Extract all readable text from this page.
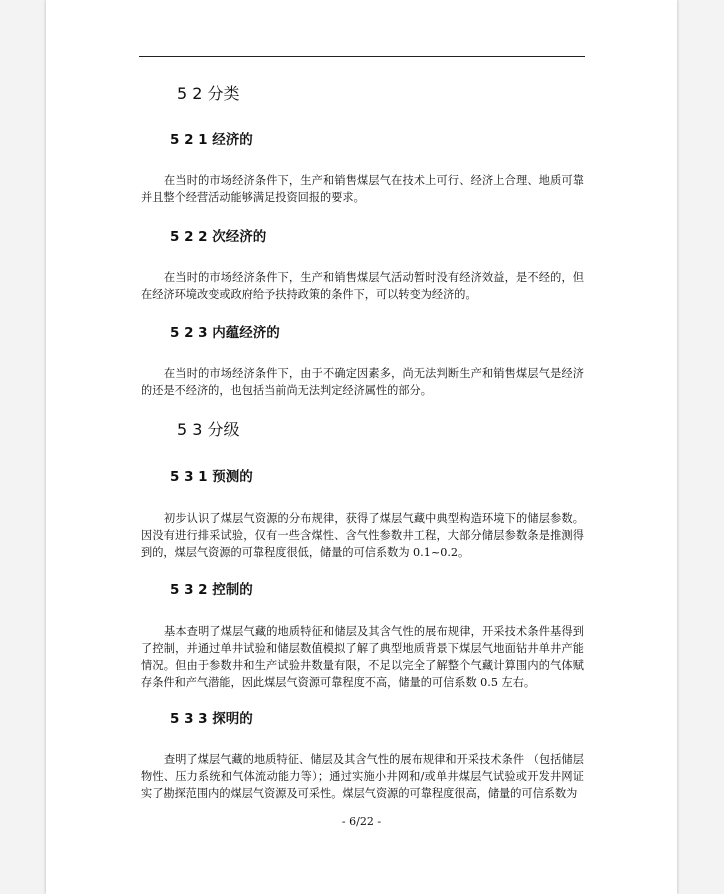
5 2 分类
5 2 1 经济的

在当时的市场经济条件下，生产和销售煤层气在技术上可行、经济上合理、地质可靠并且整个经营活动能够满足投资回报的要求。

5 2 2 次经济的

在当时的市场经济条件下，生产和销售煤层气活动暂时没有经济效益，是不经的，但在经济环境改变或政府给予扶持政策的条件下，可以转变为经济的。

5 2 3 内蕴经济的

在当时的市场经济条件下，由于不确定因素多，尚无法判断生产和销售煤层气是经济的还是不经济的，也包括当前尚无法判定经济属性的部分。

5 3 分级
5 3 1 预测的

初步认识了煤层气资源的分布规律，获得了煤层气藏中典型构造环境下的储层参数。因没有进行排采试验，仅有一些含煤性、含气性参数井工程，大部分储层参数条是推测得到的，煤层气资源的可靠程度很低，储量的可信系数为 0.1~0.2。

5 3 2 控制的

基本查明了煤层气藏的地质特征和储层及其含气性的展布规律，开采技术条件基得到了控制，并通过单井试验和储层数值模拟了解了典型地质背景下煤层气地面钻井单井产能情况。但由于参数井和生产试验井数量有限，不足以完全了解整个气藏计算围内的气体赋存条件和产气潜能，因此煤层气资源可靠程度不高，储量的可信系数 0.5 左右。

5 3 3 探明的

查明了煤层气藏的地质特征、储层及其含气性的展布规律和开采技术条件 （包括储层物性、压力系统和气体流动能力等）；通过实施小井网和/或单井煤层气试验或开发井网证实了勘探范围内的煤层气资源及可采性。煤层气资源的可靠程度很高，储量的可信系数为

- 6/22 -
